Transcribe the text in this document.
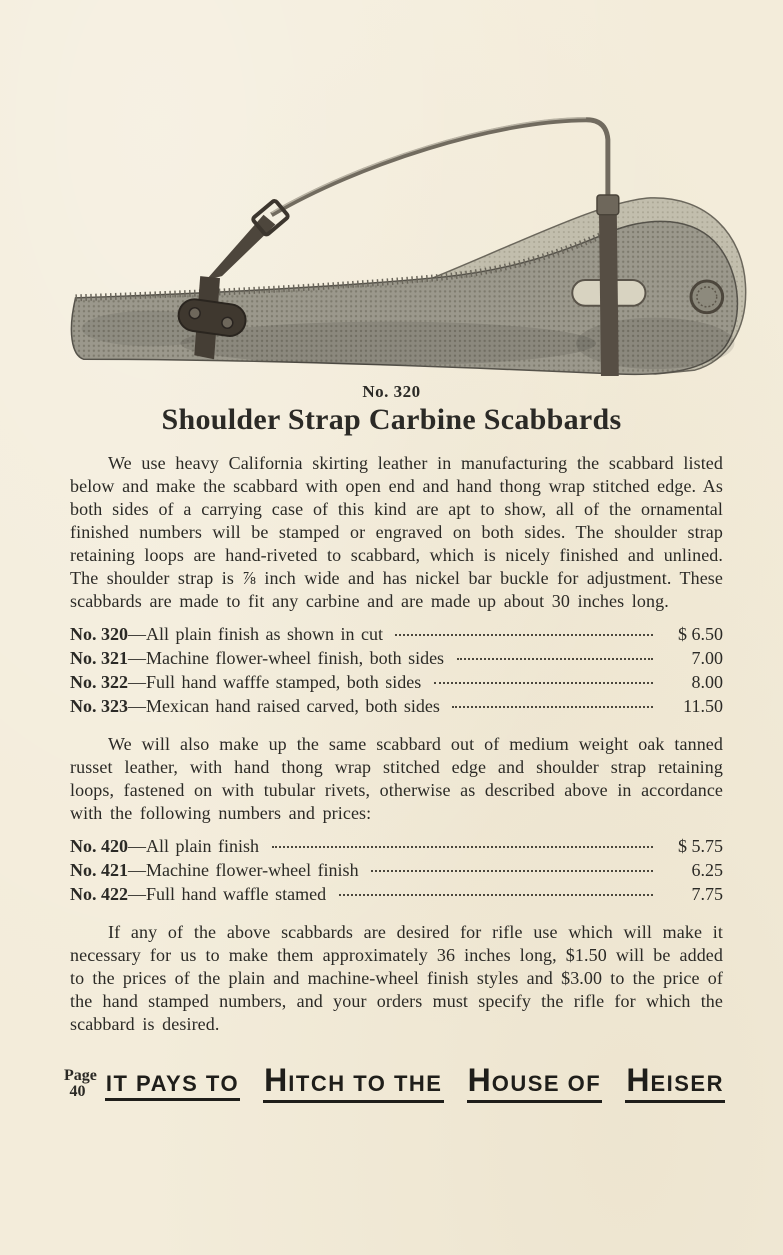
No. 320
Shoulder Strap Carbine Scabbards

We use heavy California skirting leather in manufacturing the scabbard listed below and make the scabbard with open end and hand thong wrap stitched edge. As both sides of a carrying case of this kind are apt to show, all of the ornamental finished numbers will be stamped or engraved on both sides. The shoulder strap retaining loops are hand-riveted to scabbard, which is nicely finished and unlined. The shoulder strap is ⅞ inch wide and has nickel bar buckle for adjustment. These scabbards are made to fit any carbine and are made up about 30 inches long.

No. 320 —All plain finish as shown in cut	$ 6.50
No. 321 —Machine flower-wheel finish, both sides	7.00
No. 322 —Full hand wafffe stamped, both sides	8.00
No. 323 —Mexican hand raised carved, both sides	11.50

We will also make up the same scabbard out of medium weight oak tanned russet leather, with hand thong wrap stitched edge and shoulder strap retaining loops, fastened on with tubular rivets, otherwise as described above in accordance with the following numbers and prices:

No. 420 —All plain finish	$ 5.75
No. 421 —Machine flower-wheel finish	6.25
No. 422 —Full hand waffle stamed	7.75

If any of the above scabbards are desired for rifle use which will make it necessary for us to make them approximately 36 inches long, $1.50 will be added to the prices of the plain and machine-wheel finish styles and $3.00 to the price of the hand stamped numbers, and your orders must specify the rifle for which the scabbard is desired.

Page
40 IT PAYS TO HITCH TO THE HOUSE OF HEISER
